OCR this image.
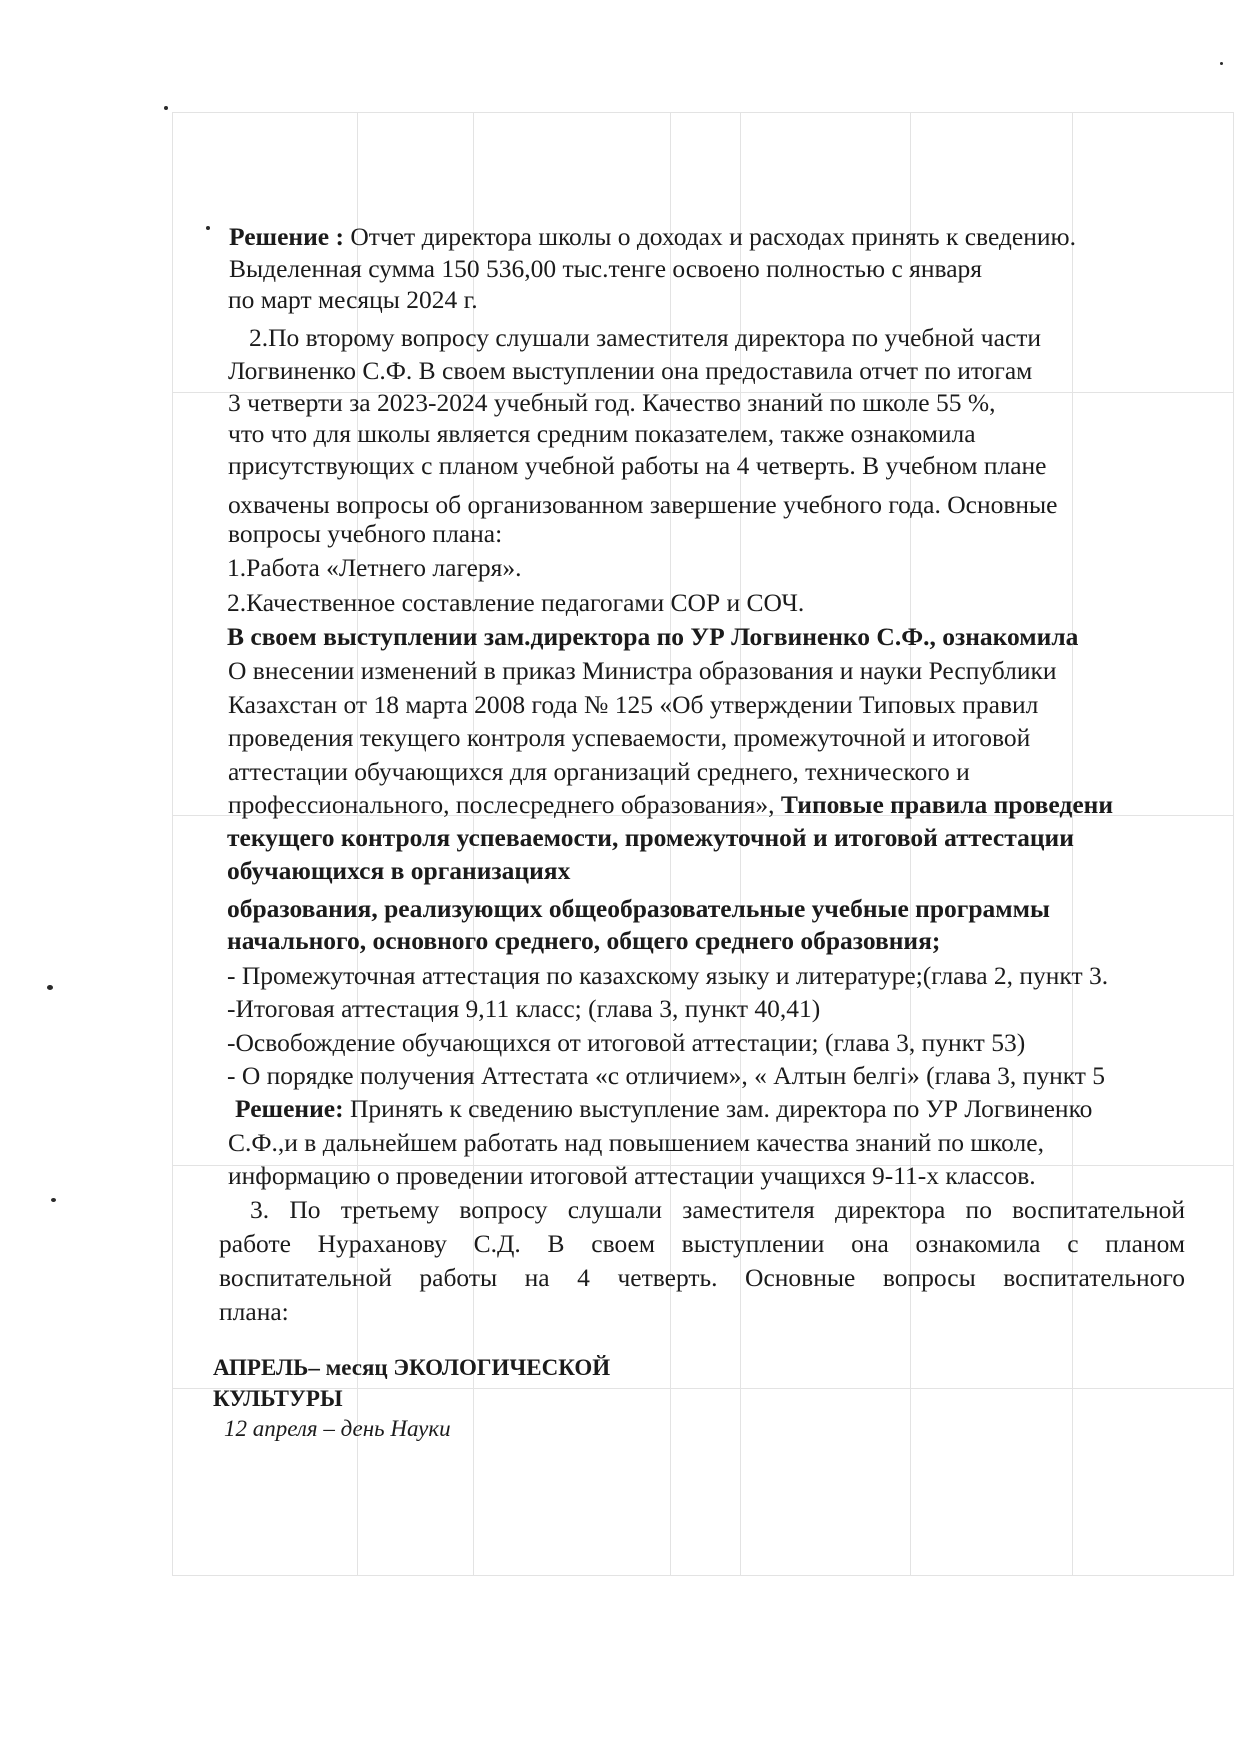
Решение : Отчет директора школы о доходах и расходах принять к сведению.
Выделенная сумма 150 536,00 тыс.тенге освоено полностью с января
по март месяцы 2024 г.
2.По второму вопросу слушали заместителя директора по учебной части
Логвиненко С.Ф. В своем выступлении она предоставила отчет по итогам
3 четверти за 2023-2024 учебный год. Качество знаний по школе 55 %,
что что для школы является средним показателем, также ознакомила
присутствующих с планом учебной работы на 4 четверть. В учебном плане
охвачены вопросы об организованном завершение учебного года. Основные
вопросы учебного плана:
1.Работа «Летнего лагеря».
2.Качественное составление педагогами СОР и СОЧ.
В своем выступлении зам.директора по УР Логвиненко С.Ф., ознакомила
О внесении изменений в приказ Министра образования и науки Республики
Казахстан от 18 марта 2008 года № 125 «Об утверждении Типовых правил
проведения текущего контроля успеваемости, промежуточной и итоговой
аттестации обучающихся для организаций среднего, технического и
профессионального, послесреднего образования», Типовые правила проведени
текущего контроля успеваемости, промежуточной и итоговой аттестации
обучающихся в организациях
образования, реализующих общеобразовательные учебные программы
начального, основного среднего, общего среднего образовния;
- Промежуточная аттестация по казахскому языку и литературе;(глава 2, пункт 3.
-Итоговая аттестация 9,11 класс; (глава 3, пункт 40,41)
-Освобождение обучающихся от итоговой аттестации; (глава 3, пункт 53)
- О порядке получения Аттестата «с отличием», « Алтын белгі» (глава 3, пункт 5
Решение: Принять к сведению выступление зам. директора по УР Логвиненко
С.Ф.,и в дальнейшем работать над повышением качества знаний по школе,
информацию о проведении итоговой аттестации учащихся 9-11-х классов.
3. По третьему вопросу слушали заместителя директора по воспитательной
работе Нураханову С.Д. В своем выступлении она ознакомила с планом
воспитательной работы на 4 четверть. Основные вопросы воспитательного
плана:
АПРЕЛЬ– месяц ЭКОЛОГИЧЕСКОЙ
КУЛЬТУРЫ
12 апреля – день Науки
